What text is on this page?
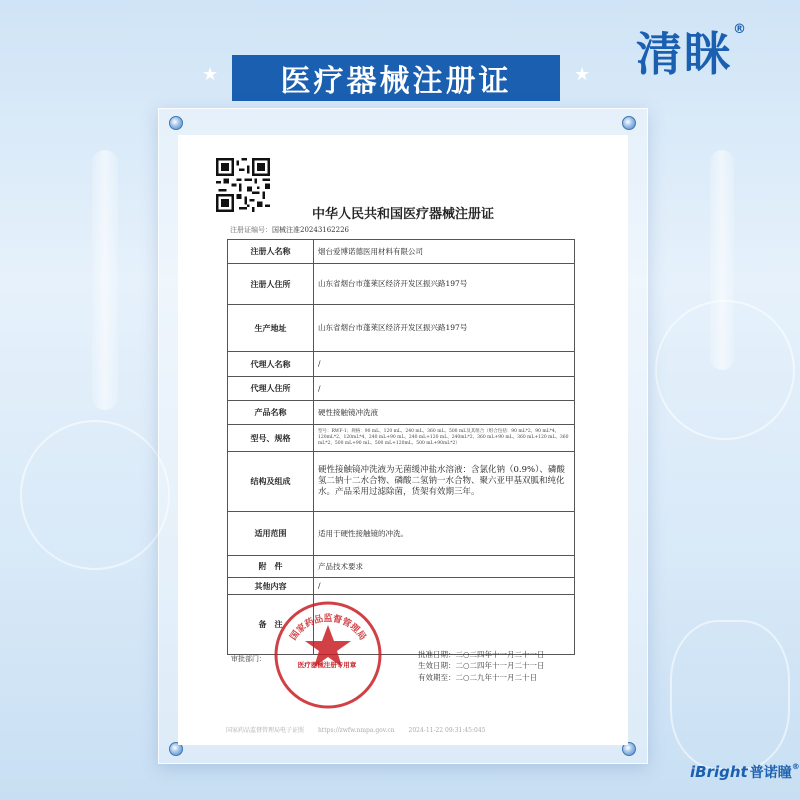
清眯®
★ 医疗器械注册证	★
中华人民共和国医疗器械注册证
注册证编号：国械注准20243162226
注册人名称	烟台爱博诺德医用材料有限公司
注册人住所	山东省烟台市蓬莱区经济开发区振兴路197号
生产地址	山东省烟台市蓬莱区经济开发区振兴路197号
代理人名称	/
代理人住所	/
产品名称	硬性接触镜冲洗液
型号、规格	型号：RWF-1；规格：90 mL、120 mL、240 mL、360 mL、500 mL及其组合（组合包括：90 mL*2、90 mL*4、120mL*2、120mL*4、240 mL+90 mL、240 mL+120 mL、240mL*2、360 mL+90 mL、360 mL+120 mL、360 mL*2、500 mL+90 mL、500 mL+120mL、500 mL+90mL*2）
结构及组成	硬性接触镜冲洗液为无菌缓冲盐水溶液：含氯化钠（0.9%）、磷酸氢二钠十二水合物、磷酸二氢钠一水合物、聚六亚甲基双胍和纯化水。产品采用过滤除菌，货架有效期三年。
适用范围	适用于硬性接触镜的冲洗。
附　件	产品技术要求
其他内容	/
备　注	
审批部门：	批准日期：二○二四年十一月二十一日
生效日期：二○二四年十一月二十一日
有效期至：二○二九年十一月二十日
国家药品监督管理局
医疗器械注册专用章
国家药品监督管理局电子证照 https://zwfw.nmpa.gov.cn 2024-11-22 09:31:45:045
iBright 普诺瞳®
